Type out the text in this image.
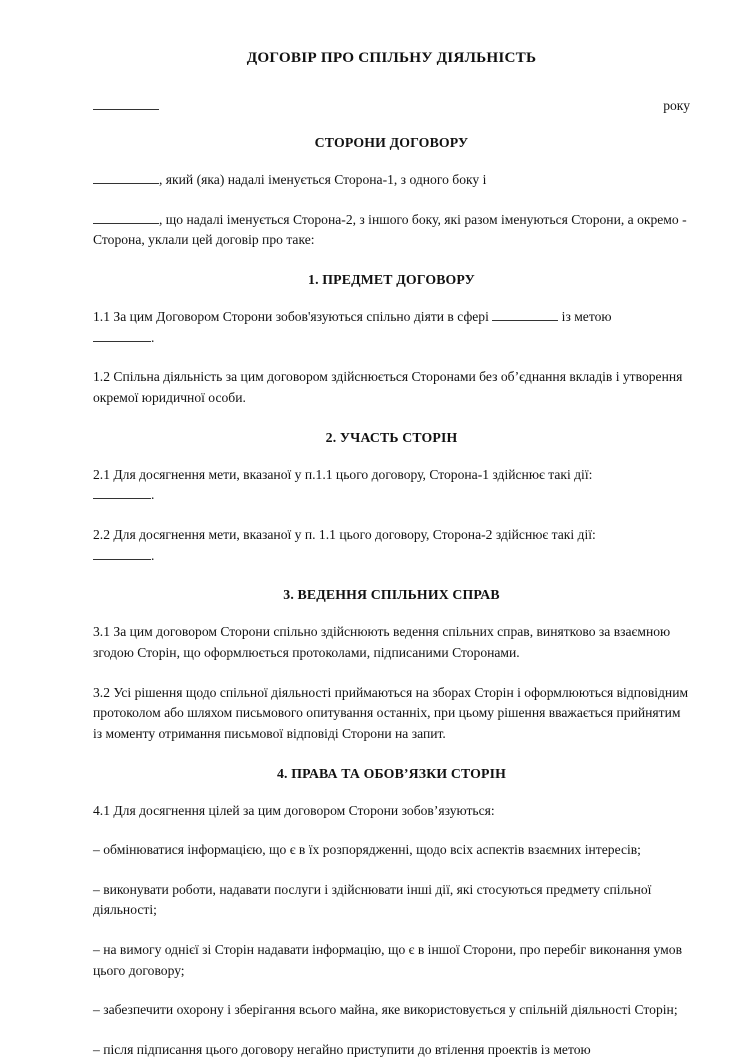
ДОГОВІР ПРО СПІЛЬНУ ДІЯЛЬНІСТЬ
року
СТОРОНИ ДОГОВОРУ

, який (яка) надалі іменується Сторона-1, з одного боку і

, що надалі іменується Сторона-2, з іншого боку, які разом іменуються Сторони, а окремо - Сторона, уклали цей договір про таке:

1. ПРЕДМЕТ ДОГОВОРУ

1.1 За цим Договором Сторони зобов'язуються спільно діяти в сфері	із метою
.

1.2 Спільна діяльність за цим договором здійснюється Сторонами без об’єднання вкладів і утворення окремої юридичної особи.

2. УЧАСТЬ СТОРІН

2.1 Для досягнення мети, вказаної у п.1.1 цього договору, Сторона-1 здійснює такі дії:
.

2.2 Для досягнення мети, вказаної у п. 1.1 цього договору, Сторона-2 здійснює такі дії:
.

3. ВЕДЕННЯ СПІЛЬНИХ СПРАВ

3.1 За цим договором Сторони спільно здійснюють ведення спільних справ, винятково за взаємною згодою Сторін, що оформлюється протоколами, підписаними Сторонами.

3.2 Усі рішення щодо спільної діяльності приймаються на зборах Сторін і оформлюються відповідним протоколом або шляхом письмового опитування останніх, при цьому рішення вважається прийнятим із моменту отримання письмової відповіді Сторони на запит.

4. ПРАВА ТА ОБОВ’ЯЗКИ СТОРІН

4.1 Для досягнення цілей за цим договором Сторони зобов’язуються:

– обмінюватися інформацією, що є в їх розпорядженні, щодо всіх аспектів взаємних інтересів;

– виконувати роботи, надавати послуги і здійснювати інші дії, які стосуються предмету спільної діяльності;

– на вимогу однієї зі Сторін надавати інформацію, що є в іншої Сторони, про перебіг виконання умов цього договору;

– забезпечити охорону і зберігання всього майна, яке використовується у спільній діяльності Сторін;

– після підписання цього договору негайно приступити до втілення проектів із метою
